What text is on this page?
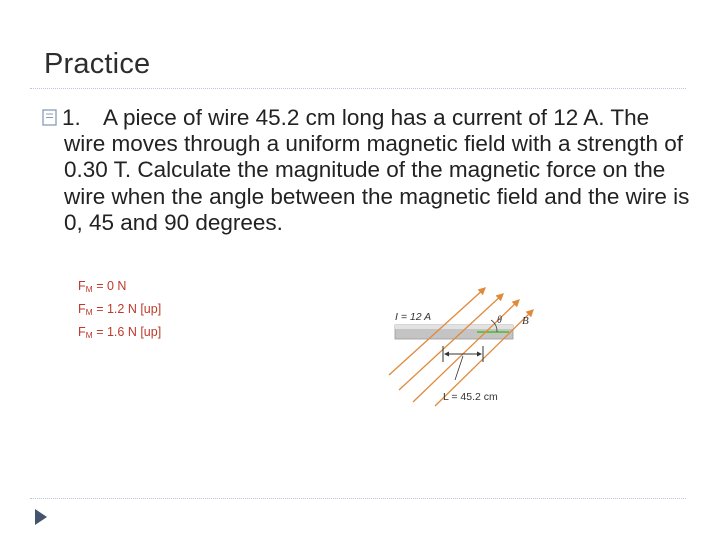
Practice
1. A piece of wire 45.2 cm long has a current of 12 A. The wire moves through a uniform magnetic field with a strength of 0.30 T. Calculate the magnitude of the magnetic force on the wire when the angle between the magnetic field and the wire is 0, 45 and 90 degrees.
$F_M = 0$ N
$F_M = 1.2$ N [up]
$F_M = 1.6$ N [up]
I = 12 A	θ B
L = 45.2 cm
